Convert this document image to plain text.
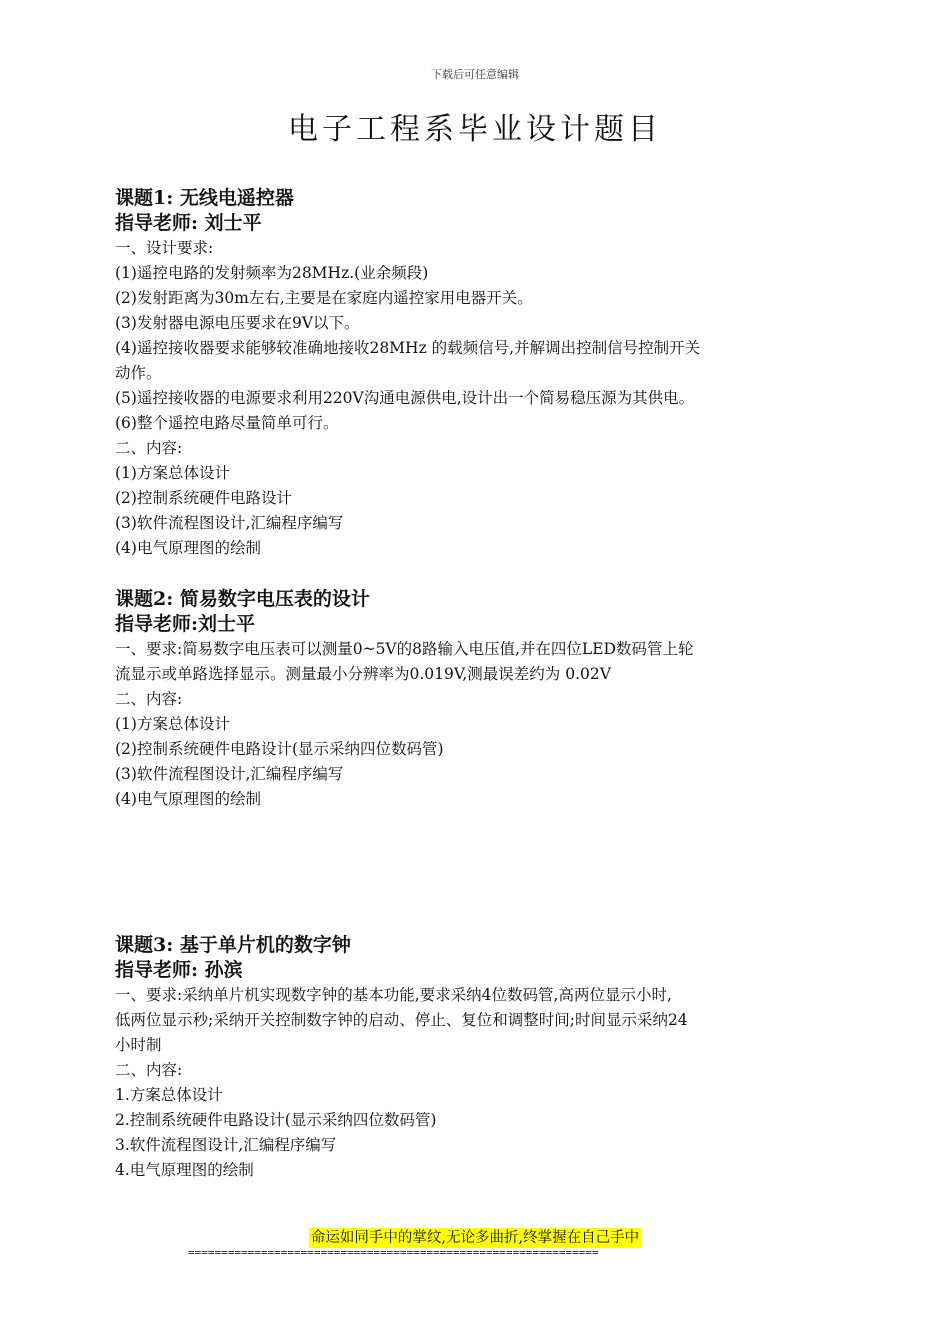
下载后可任意编辑
电子工程系毕业设计题目
课题1: 无线电遥控器
指导老师: 刘士平
一、设计要求:
(1)遥控电路的发射频率为28MHz.(业余频段)
(2)发射距离为30m左右,主要是在家庭内遥控家用电器开关。
(3)发射器电源电压要求在9V以下。
(4)遥控接收器要求能够较准确地接收28MHz 的载频信号,并解调出控制信号控制开关
动作。
(5)遥控接收器的电源要求利用220V沟通电源供电,设计出一个简易稳压源为其供电。
(6)整个遥控电路尽量简单可行。
二、内容:
(1)方案总体设计
(2)控制系统硬件电路设计
(3)软件流程图设计,汇编程序编写
(4)电气原理图的绘制
课题2: 简易数字电压表的设计
指导老师:刘士平
一、要求:简易数字电压表可以测量0~5V的8路输入电压值,并在四位LED数码管上轮
流显示或单路选择显示。测量最小分辨率为0.019V,测最误差约为 0.02V
二、内容:
(1)方案总体设计
(2)控制系统硬件电路设计(显示采纳四位数码管)
(3)软件流程图设计,汇编程序编写
(4)电气原理图的绘制
课题3: 基于单片机的数字钟
指导老师: 孙滨
一、要求:采纳单片机实现数字钟的基本功能,要求采纳4位数码管,高两位显示小时,
低两位显示秒;采纳开关控制数字钟的启动、停止、复位和调整时间;时间显示采纳24
小时制
二、内容:
1.方案总体设计
2.控制系统硬件电路设计(显示采纳四位数码管)
3.软件流程图设计,汇编程序编写
4.电气原理图的绘制
命运如同手中的掌纹,无论多曲折,终掌握在自己手中
==============================================================
